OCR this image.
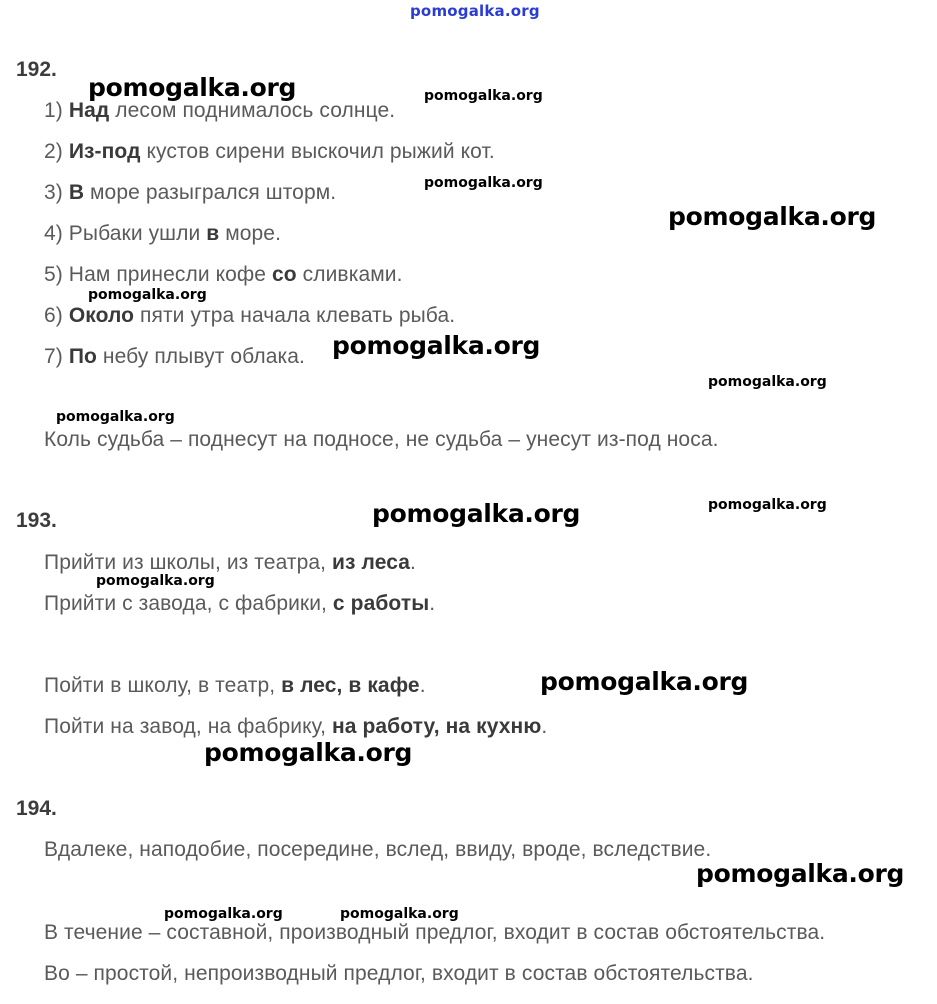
pomogalka.org
192.
1) Над лесом поднималось солнце.
2) Из-под кустов сирени выскочил рыжий кот.
3) В море разыгрался шторм.
4) Рыбаки ушли в море.
5) Нам принесли кофе со сливками.
6) Около пяти утра начала клевать рыба.
7) По небу плывут облака.
Коль судьба – поднесут на подносе, не судьба – унесут из-под носа.
193.
Прийти из школы, из театра, из леса.
Прийти с завода, с фабрики, с работы.
Пойти в школу, в театр, в лес, в кафе.
Пойти на завод, на фабрику, на работу, на кухню.
194.
Вдалеке, наподобие, посередине, вслед, ввиду, вроде, вследствие.
В течение – составной, производный предлог, входит в состав обстоятельства.
Во – простой, непроизводный предлог, входит в состав обстоятельства.
pomogalka.org	pomogalka.org
pomogalka.org
pomogalka.org
pomogalka.org
pomogalka.org
pomogalka.org
pomogalka.org
pomogalka.org
pomogalka.org
pomogalka.org
pomogalka.org
pomogalka.org
pomogalka.org
pomogalka.org	pomogalka.org
